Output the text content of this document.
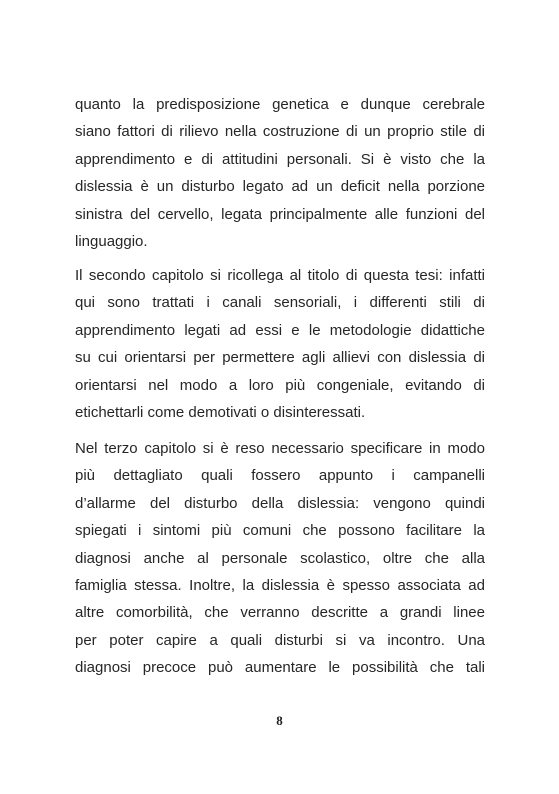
quanto la predisposizione genetica e dunque cerebrale
siano fattori di rilievo nella costruzione di un proprio stile di
apprendimento e di attitudini personali. Si è visto che la
dislessia è un disturbo legato ad un deficit nella porzione
sinistra del cervello, legata principalmente alle funzioni del
linguaggio.
Il secondo capitolo si ricollega al titolo di questa tesi: infatti
qui sono trattati i canali sensoriali, i differenti stili di
apprendimento legati ad essi e le metodologie didattiche
su cui orientarsi per permettere agli allievi con dislessia di
orientarsi nel modo a loro più congeniale, evitando di
etichettarli come demotivati o disinteressati.
Nel terzo capitolo si è reso necessario specificare in modo
più dettagliato quali fossero appunto i campanelli
d’allarme del disturbo della dislessia: vengono quindi
spiegati i sintomi più comuni che possono facilitare la
diagnosi anche al personale scolastico, oltre che alla
famiglia stessa. Inoltre, la dislessia è spesso associata ad
altre comorbilità, che verranno descritte a grandi linee
per poter capire a quali disturbi si va incontro. Una
diagnosi precoce può aumentare le possibilità che tali
8
